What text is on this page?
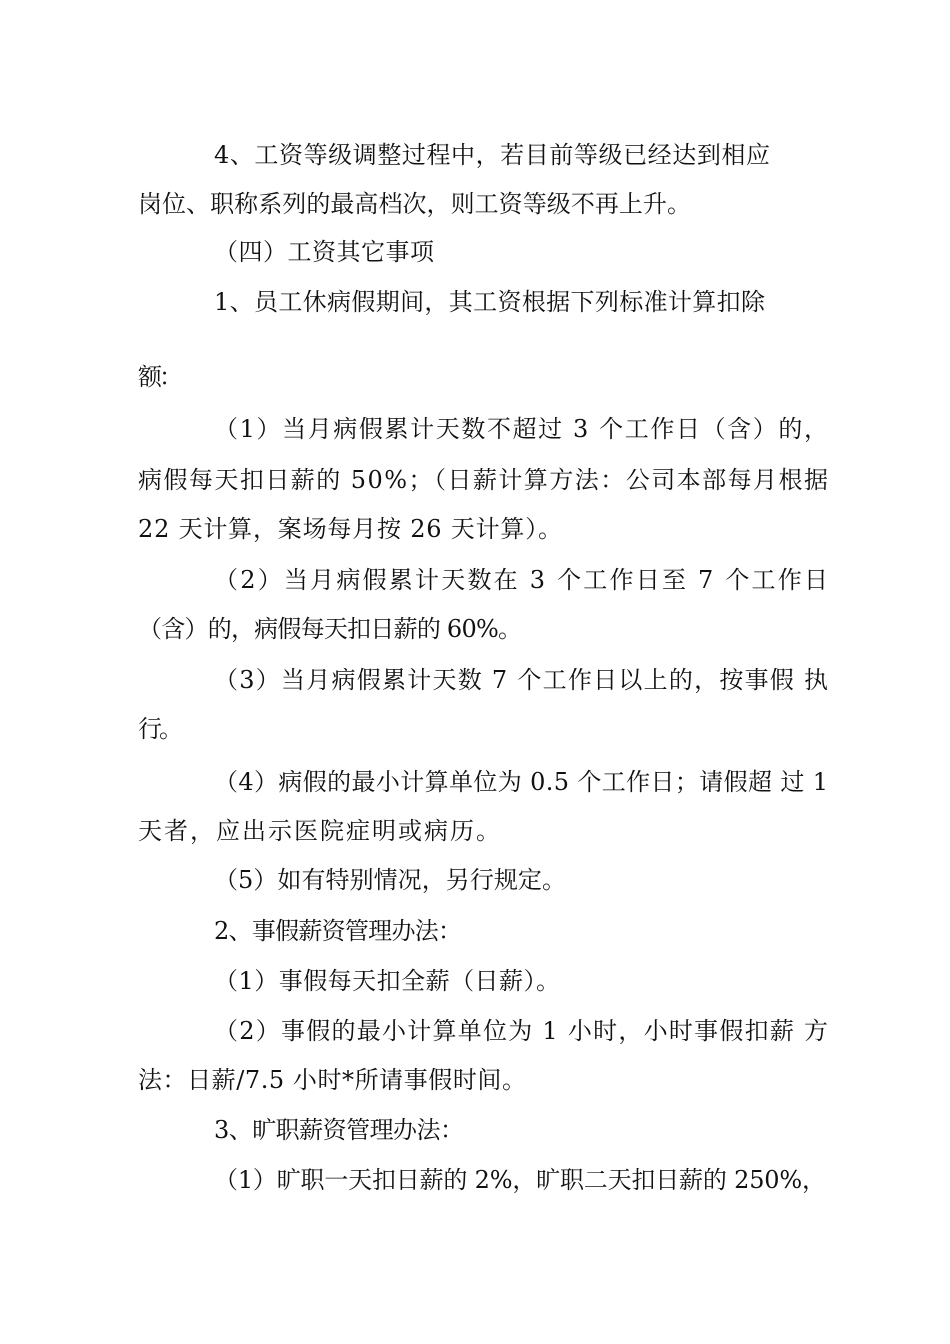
4、工资等级调整过程中，若目前等级已经达到相应

岗位、职称系列的最高档次，则工资等级不再上升。

（四）工资其它事项

1、员工休病假期间，其工资根据下列标准计算扣除

额：

（1）当月病假累计天数不超过 3 个工作日（含）的，

病假每天扣日薪的 50%；（日薪计算方法：公司本部每月根据

22 天计算，案场每月按 26 天计算）。

（2）当月病假累计天数在 3 个工作日至 7 个工作日

（含）的，病假每天扣日薪的 60%。

（3）当月病假累计天数 7 个工作日以上的，按事假 执

行。

（4）病假的最小计算单位为 0.5 个工作日；请假超 过 1

天者，应出示医院症明或病历。

（5）如有特别情况，另行规定。

2、事假薪资管理办法：

（1）事假每天扣全薪（日薪）。

（2）事假的最小计算单位为 1 小时，小时事假扣薪 方

法：日薪/7.5 小时*所请事假时间。

3、旷职薪资管理办法：

（1）旷职一天扣日薪的 2%，旷职二天扣日薪的 250%，
